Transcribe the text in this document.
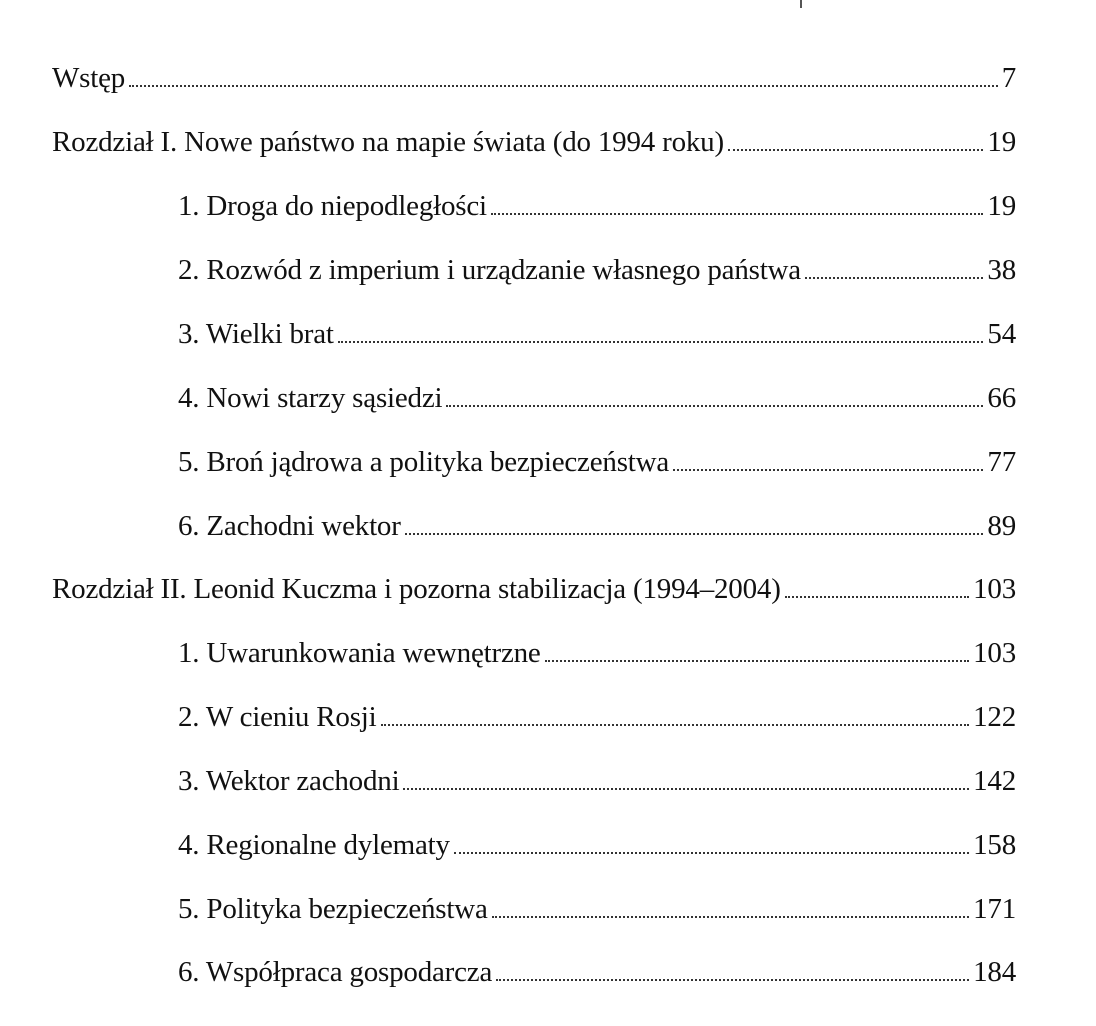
Wstęp	7
Rozdział I. Nowe państwo na mapie świata (do 1994 roku)	19
1. Droga do niepodległości	19
2. Rozwód z imperium i urządzanie własnego państwa	38
3. Wielki brat	54
4. Nowi starzy sąsiedzi	66
5. Broń jądrowa a polityka bezpieczeństwa	77
6. Zachodni wektor	89
Rozdział II. Leonid Kuczma i pozorna stabilizacja (1994–2004)	103
1. Uwarunkowania wewnętrzne	103
2. W cieniu Rosji	122
3. Wektor zachodni	142
4. Regionalne dylematy	158
5. Polityka bezpieczeństwa	171
6. Współpraca gospodarcza	184
